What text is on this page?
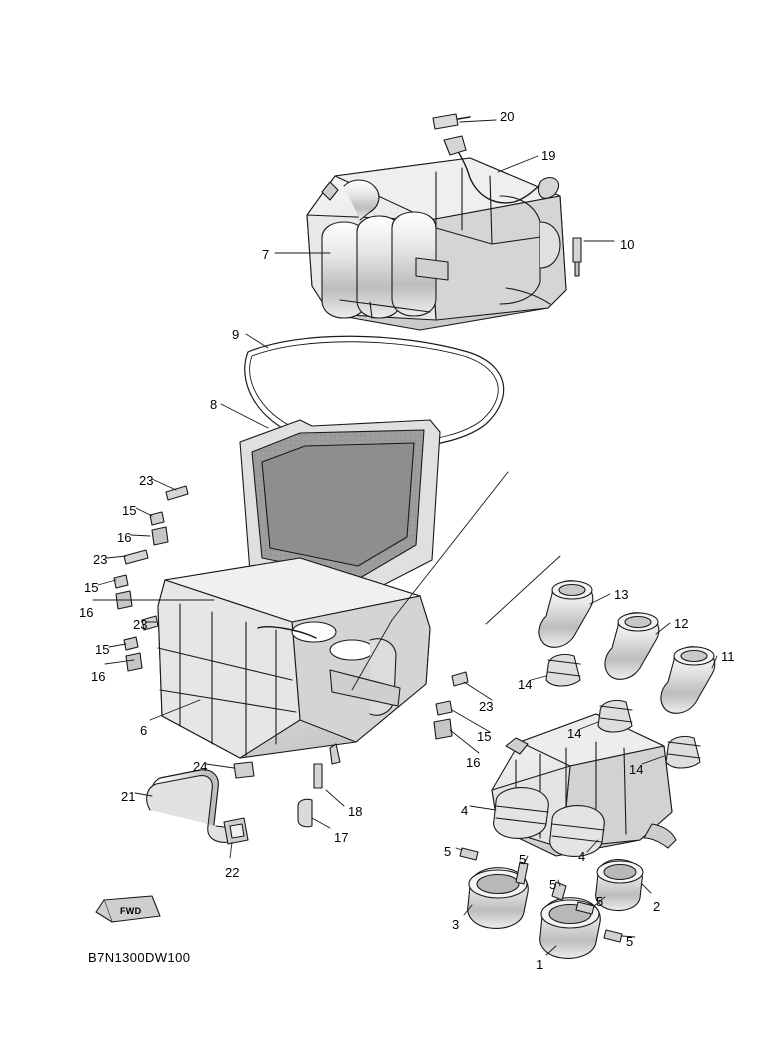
20
19
10
7
9
8
23
15
16
23
15
16
23
15
16
6
24
21
22
18
17
23
15
16
13
12
11
14
14
14
4
4
5
5
5
5
5
3
2
1
FWD
B7N1300DW100
